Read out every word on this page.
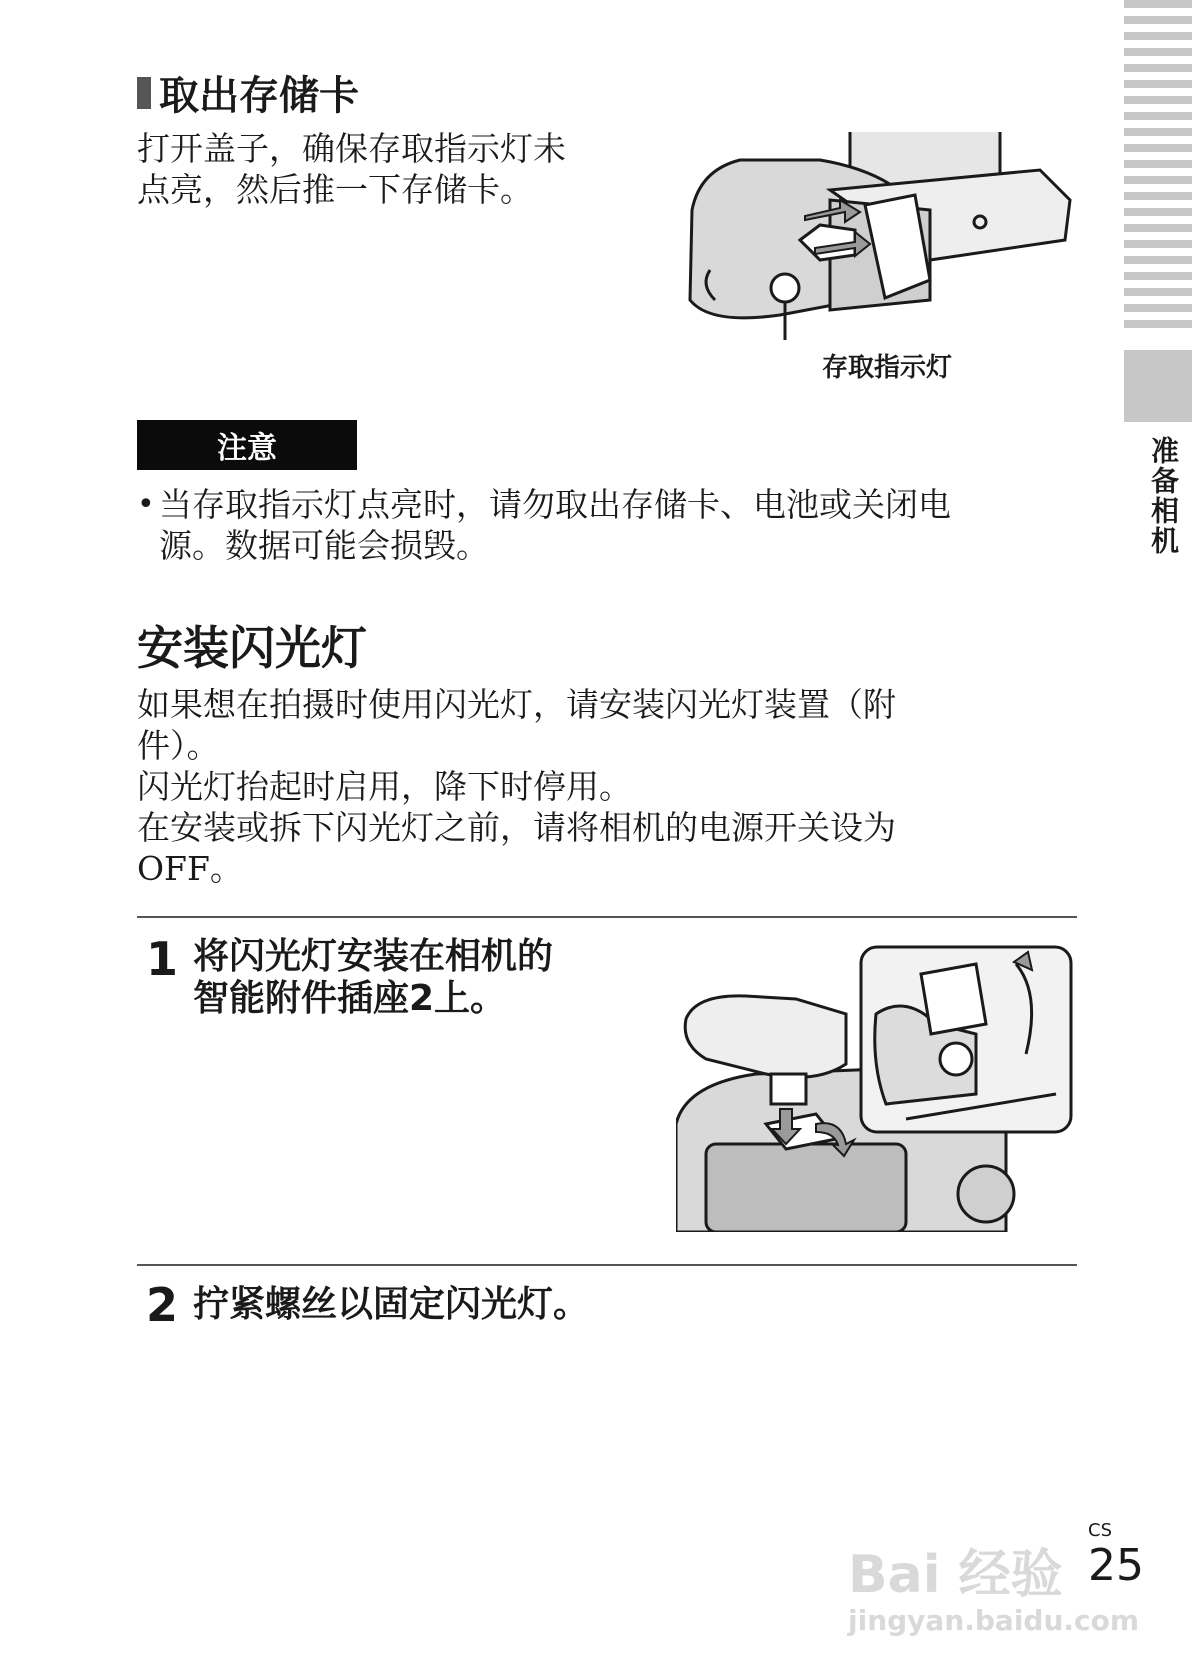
准备相机
取出存储卡
打开盖子，确保存取指示灯未
点亮，然后推一下存储卡。
存取指示灯
注意
• 当存取指示灯点亮时，请勿取出存储卡、电池或关闭电
源。数据可能会损毁。
安装闪光灯
如果想在拍摄时使用闪光灯，请安装闪光灯装置（附
件）。
闪光灯抬起时启用，降下时停用。
在安装或拆下闪光灯之前，请将相机的电源开关设为
OFF。
1 将闪光灯安装在相机的
智能附件插座2上。
2 拧紧螺丝以固定闪光灯。
Bai 经验
jingyan.baidu.com
CS
25
